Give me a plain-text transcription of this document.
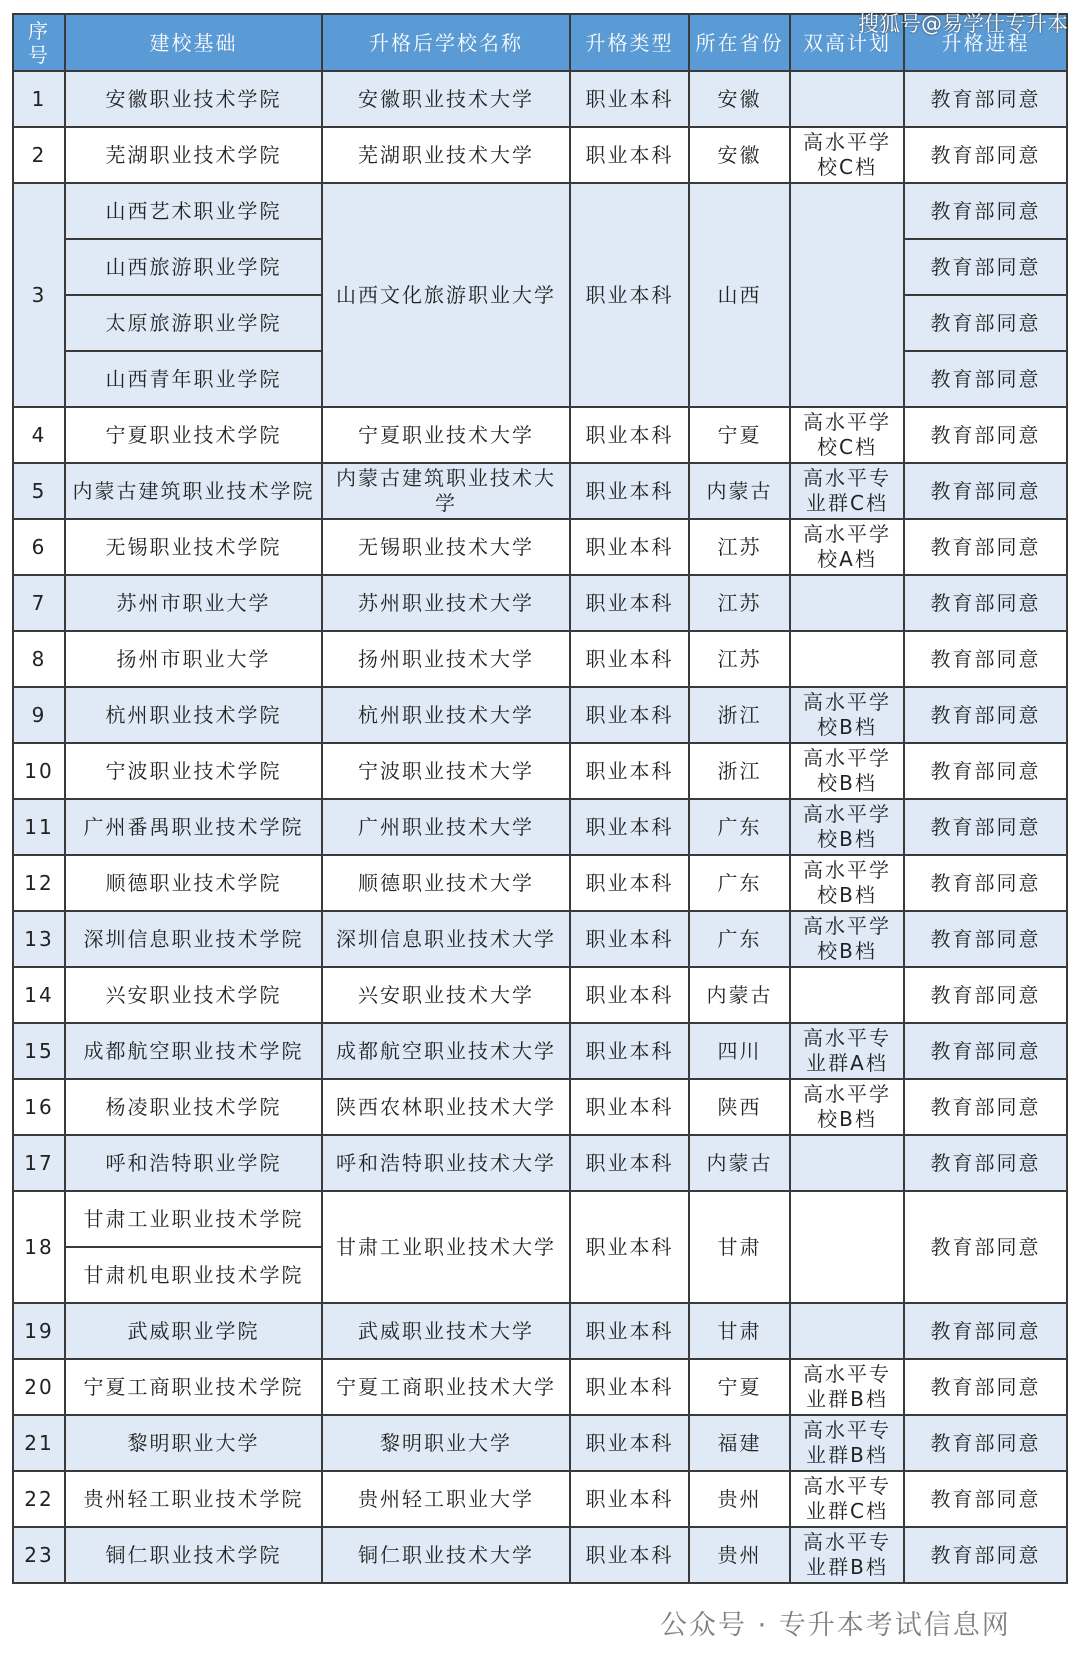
序号	建校基础	升格后学校名称	升格类型	所在省份	双高计划	升格进程
1	安徽职业技术学院	安徽职业技术大学	职业本科	安徽		教育部同意
2	芜湖职业技术学院	芜湖职业技术大学	职业本科	安徽	高水平学校C档	教育部同意
3	山西艺术职业学院	山西文化旅游职业大学	职业本科	山西		教育部同意
	山西旅游职业学院					教育部同意
	太原旅游职业学院					教育部同意
	山西青年职业学院					教育部同意
4	宁夏职业技术学院	宁夏职业技术大学	职业本科	宁夏	高水平学校C档	教育部同意
5	内蒙古建筑职业技术学院	内蒙古建筑职业技术大学	职业本科	内蒙古	高水平专业群C档	教育部同意
6	无锡职业技术学院	无锡职业技术大学	职业本科	江苏	高水平学校A档	教育部同意
7	苏州市职业大学	苏州职业技术大学	职业本科	江苏		教育部同意
8	扬州市职业大学	扬州职业技术大学	职业本科	江苏		教育部同意
9	杭州职业技术学院	杭州职业技术大学	职业本科	浙江	高水平学校B档	教育部同意
10	宁波职业技术学院	宁波职业技术大学	职业本科	浙江	高水平学校B档	教育部同意
11	广州番禺职业技术学院	广州职业技术大学	职业本科	广东	高水平学校B档	教育部同意
12	顺德职业技术学院	顺德职业技术大学	职业本科	广东	高水平学校B档	教育部同意
13	深圳信息职业技术学院	深圳信息职业技术大学	职业本科	广东	高水平学校B档	教育部同意
14	兴安职业技术学院	兴安职业技术大学	职业本科	内蒙古		教育部同意
15	成都航空职业技术学院	成都航空职业技术大学	职业本科	四川	高水平专业群A档	教育部同意
16	杨凌职业技术学院	陕西农林职业技术大学	职业本科	陕西	高水平学校B档	教育部同意
17	呼和浩特职业学院	呼和浩特职业技术大学	职业本科	内蒙古		教育部同意
18	甘肃工业职业技术学院	甘肃工业职业技术大学	职业本科	甘肃		教育部同意
	甘肃机电职业技术学院					
19	武威职业学院	武威职业技术大学	职业本科	甘肃		教育部同意
20	宁夏工商职业技术学院	宁夏工商职业技术大学	职业本科	宁夏	高水平专业群B档	教育部同意
21	黎明职业大学	黎明职业大学	职业本科	福建	高水平专业群B档	教育部同意
22	贵州轻工职业技术学院	贵州轻工职业大学	职业本科	贵州	高水平专业群C档	教育部同意
23	铜仁职业技术学院	铜仁职业技术大学	职业本科	贵州	高水平专业群B档	教育部同意
搜狐号@易学仕专升本
公众号 · 专升本考试信息网
